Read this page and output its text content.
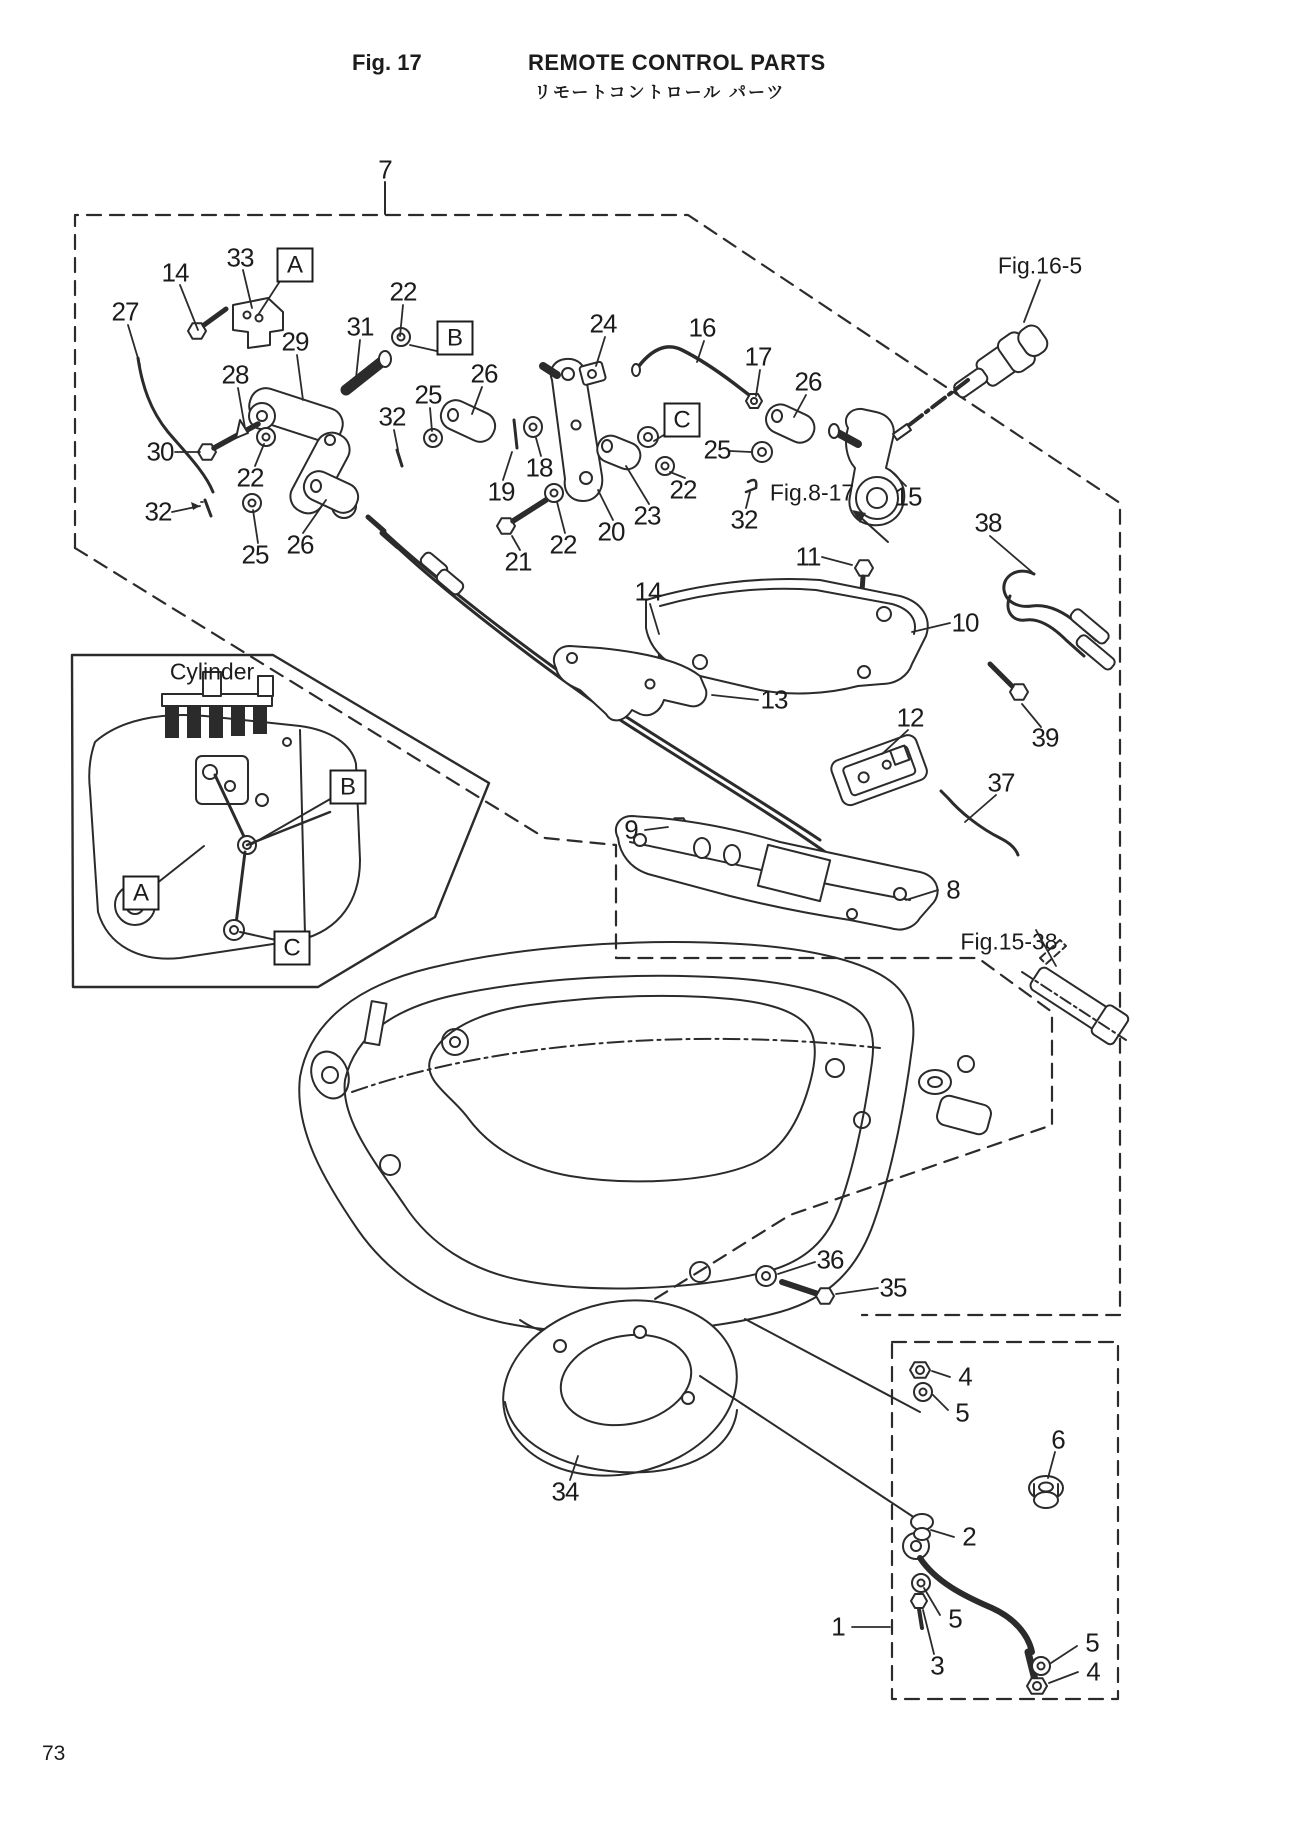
Fig. 17	REMOTE CONTROL PARTS
リモートコントロール パーツ
Cylinder
73
7
14 33
27
28
29 31
22
30
22
32
25 26
32
25
26
19
18
21
22 20
23
22
24	16
17
26
25
32
15
38
11
10
14
13
12
39
37
9
8
36
35
34
1
2
3
4
5
6
5
5
4
A
B
C
B
A
C
Fig.16-5
Fig.8-17
Fig.15-38
